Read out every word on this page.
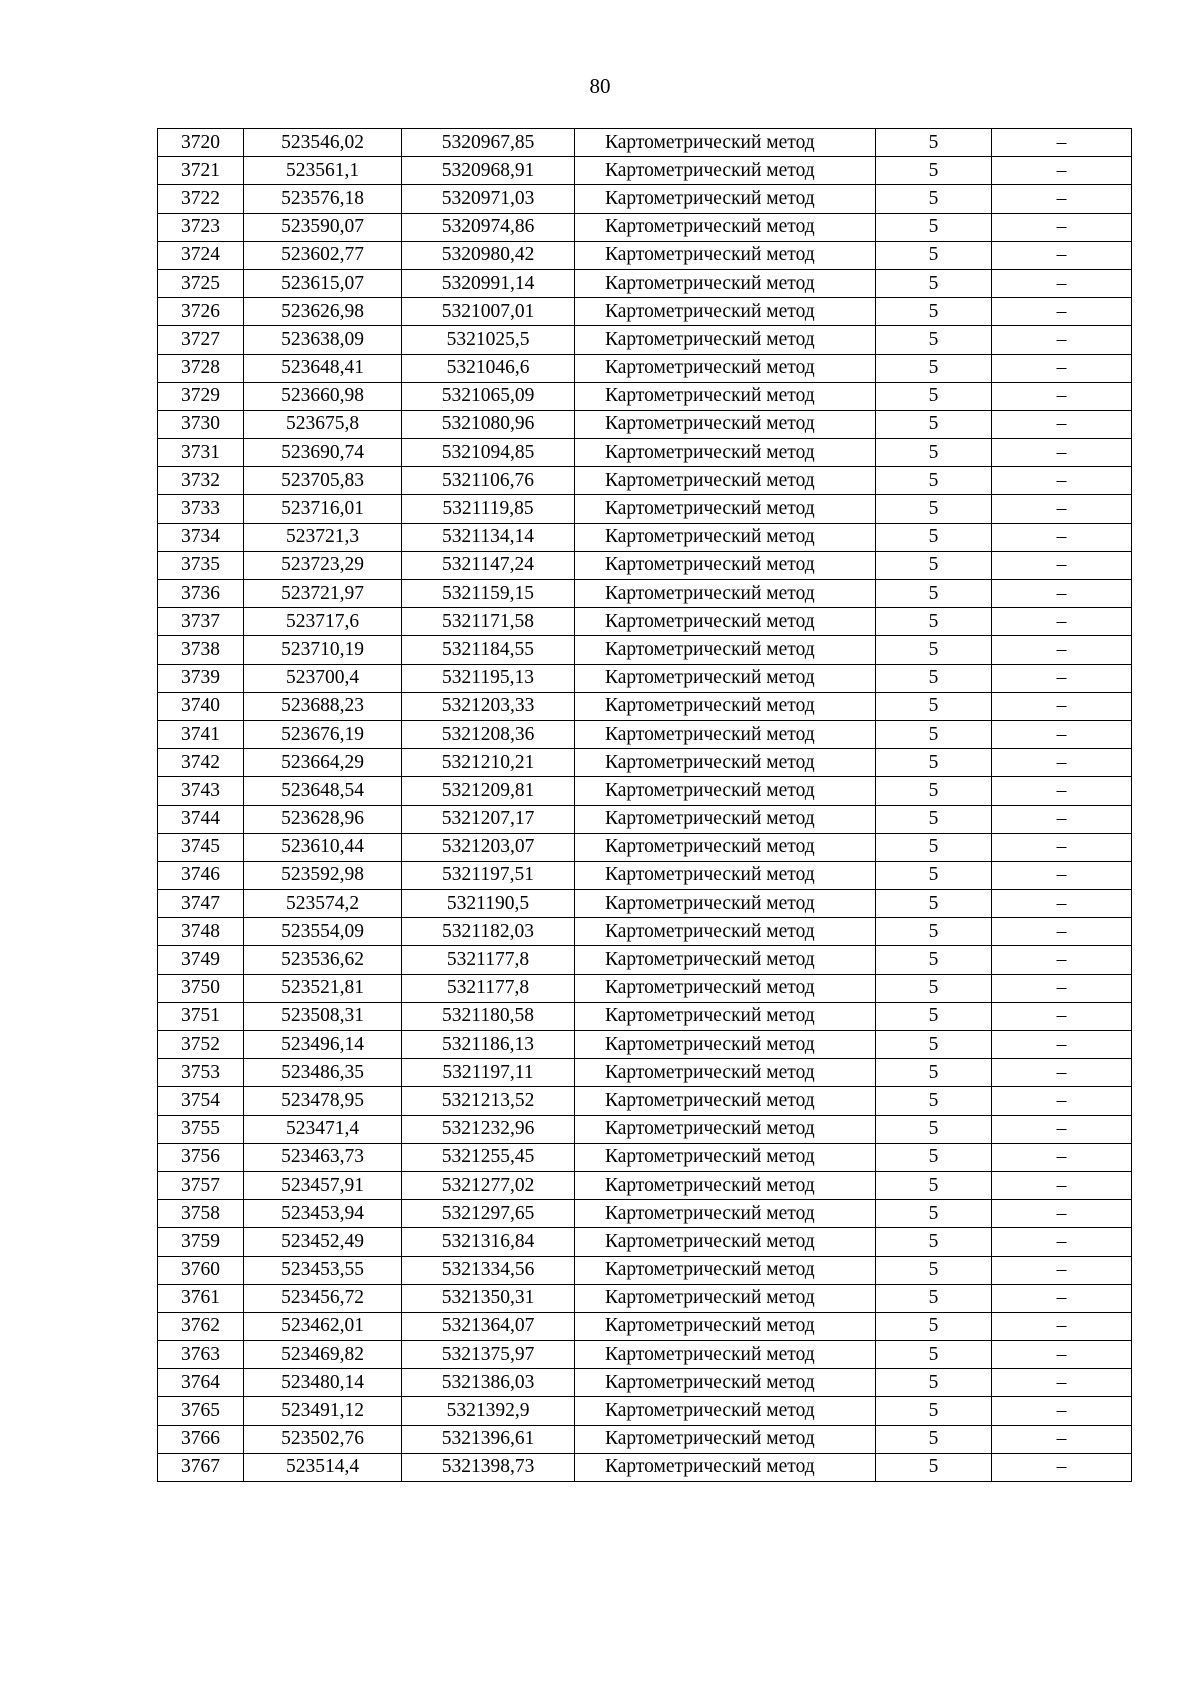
80
3720	523546,02	5320967,85	Картометрический метод	5	–
3721	523561,1	5320968,91	Картометрический метод	5	–
3722	523576,18	5320971,03	Картометрический метод	5	–
3723	523590,07	5320974,86	Картометрический метод	5	–
3724	523602,77	5320980,42	Картометрический метод	5	–
3725	523615,07	5320991,14	Картометрический метод	5	–
3726	523626,98	5321007,01	Картометрический метод	5	–
3727	523638,09	5321025,5	Картометрический метод	5	–
3728	523648,41	5321046,6	Картометрический метод	5	–
3729	523660,98	5321065,09	Картометрический метод	5	–
3730	523675,8	5321080,96	Картометрический метод	5	–
3731	523690,74	5321094,85	Картометрический метод	5	–
3732	523705,83	5321106,76	Картометрический метод	5	–
3733	523716,01	5321119,85	Картометрический метод	5	–
3734	523721,3	5321134,14	Картометрический метод	5	–
3735	523723,29	5321147,24	Картометрический метод	5	–
3736	523721,97	5321159,15	Картометрический метод	5	–
3737	523717,6	5321171,58	Картометрический метод	5	–
3738	523710,19	5321184,55	Картометрический метод	5	–
3739	523700,4	5321195,13	Картометрический метод	5	–
3740	523688,23	5321203,33	Картометрический метод	5	–
3741	523676,19	5321208,36	Картометрический метод	5	–
3742	523664,29	5321210,21	Картометрический метод	5	–
3743	523648,54	5321209,81	Картометрический метод	5	–
3744	523628,96	5321207,17	Картометрический метод	5	–
3745	523610,44	5321203,07	Картометрический метод	5	–
3746	523592,98	5321197,51	Картометрический метод	5	–
3747	523574,2	5321190,5	Картометрический метод	5	–
3748	523554,09	5321182,03	Картометрический метод	5	–
3749	523536,62	5321177,8	Картометрический метод	5	–
3750	523521,81	5321177,8	Картометрический метод	5	–
3751	523508,31	5321180,58	Картометрический метод	5	–
3752	523496,14	5321186,13	Картометрический метод	5	–
3753	523486,35	5321197,11	Картометрический метод	5	–
3754	523478,95	5321213,52	Картометрический метод	5	–
3755	523471,4	5321232,96	Картометрический метод	5	–
3756	523463,73	5321255,45	Картометрический метод	5	–
3757	523457,91	5321277,02	Картометрический метод	5	–
3758	523453,94	5321297,65	Картометрический метод	5	–
3759	523452,49	5321316,84	Картометрический метод	5	–
3760	523453,55	5321334,56	Картометрический метод	5	–
3761	523456,72	5321350,31	Картометрический метод	5	–
3762	523462,01	5321364,07	Картометрический метод	5	–
3763	523469,82	5321375,97	Картометрический метод	5	–
3764	523480,14	5321386,03	Картометрический метод	5	–
3765	523491,12	5321392,9	Картометрический метод	5	–
3766	523502,76	5321396,61	Картометрический метод	5	–
3767	523514,4	5321398,73	Картометрический метод	5	–
